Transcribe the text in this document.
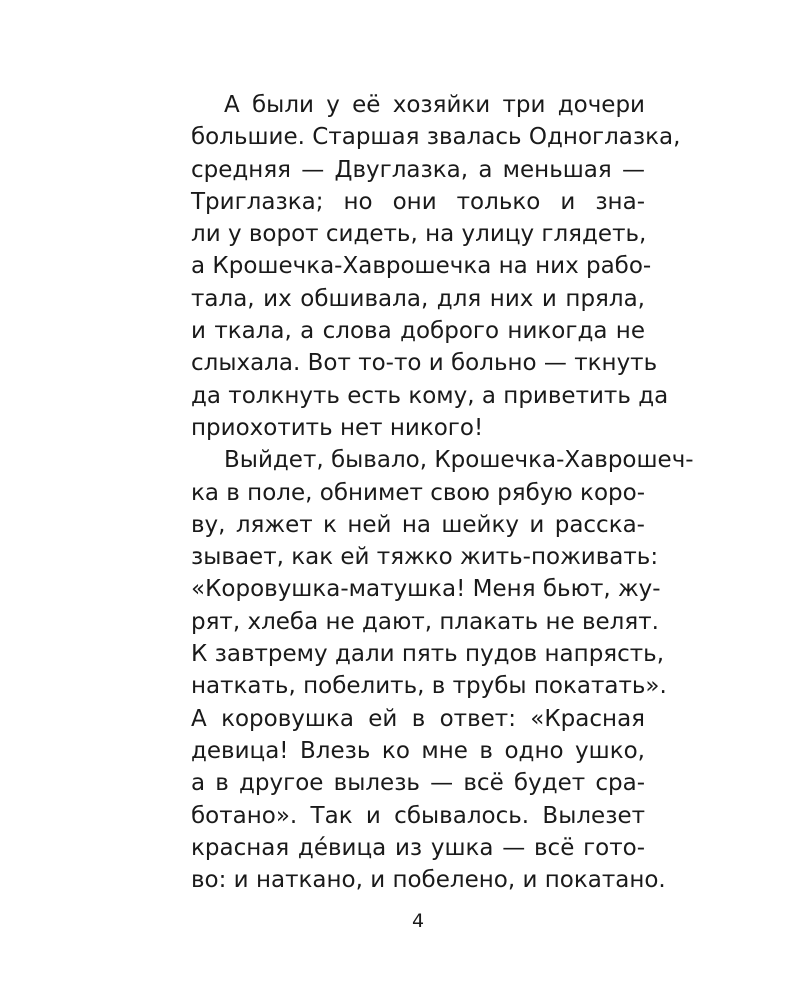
А были у её хозяйки три дочери
большие. Старшая звалась Одноглазка,
средняя — Двуглазка, а меньшая —
Триглазка; но они только и зна-
ли у ворот сидеть, на улицу глядеть,
а Крошечка-Хаврошечка на них рабо-
тала, их обшивала, для них и пряла,
и ткала, а слова доброго никогда не
слыхала. Вот то-то и больно — ткнуть
да толкнуть есть кому, а приветить да
приохотить нет никого!
Выйдет, бывало, Крошечка-Хаврошеч-
ка в поле, обнимет свою рябую коро-
ву, ляжет к ней на шейку и расска-
зывает, как ей тяжко жить-поживать:
«Коровушка-матушка! Меня бьют, жу-
рят, хлеба не дают, плакать не велят.
К завтрему дали пять пудов напрясть,
наткать, побелить, в трубы покатать».
А коровушка ей в ответ: «Красная
девица! Влезь ко мне в одно ушко,
а в другое вылезь — всё будет сра-
ботано». Так и сбывалось. Вылезет
красная де́вица из ушка — всё гото-
во: и наткано, и побелено, и покатано.
4
